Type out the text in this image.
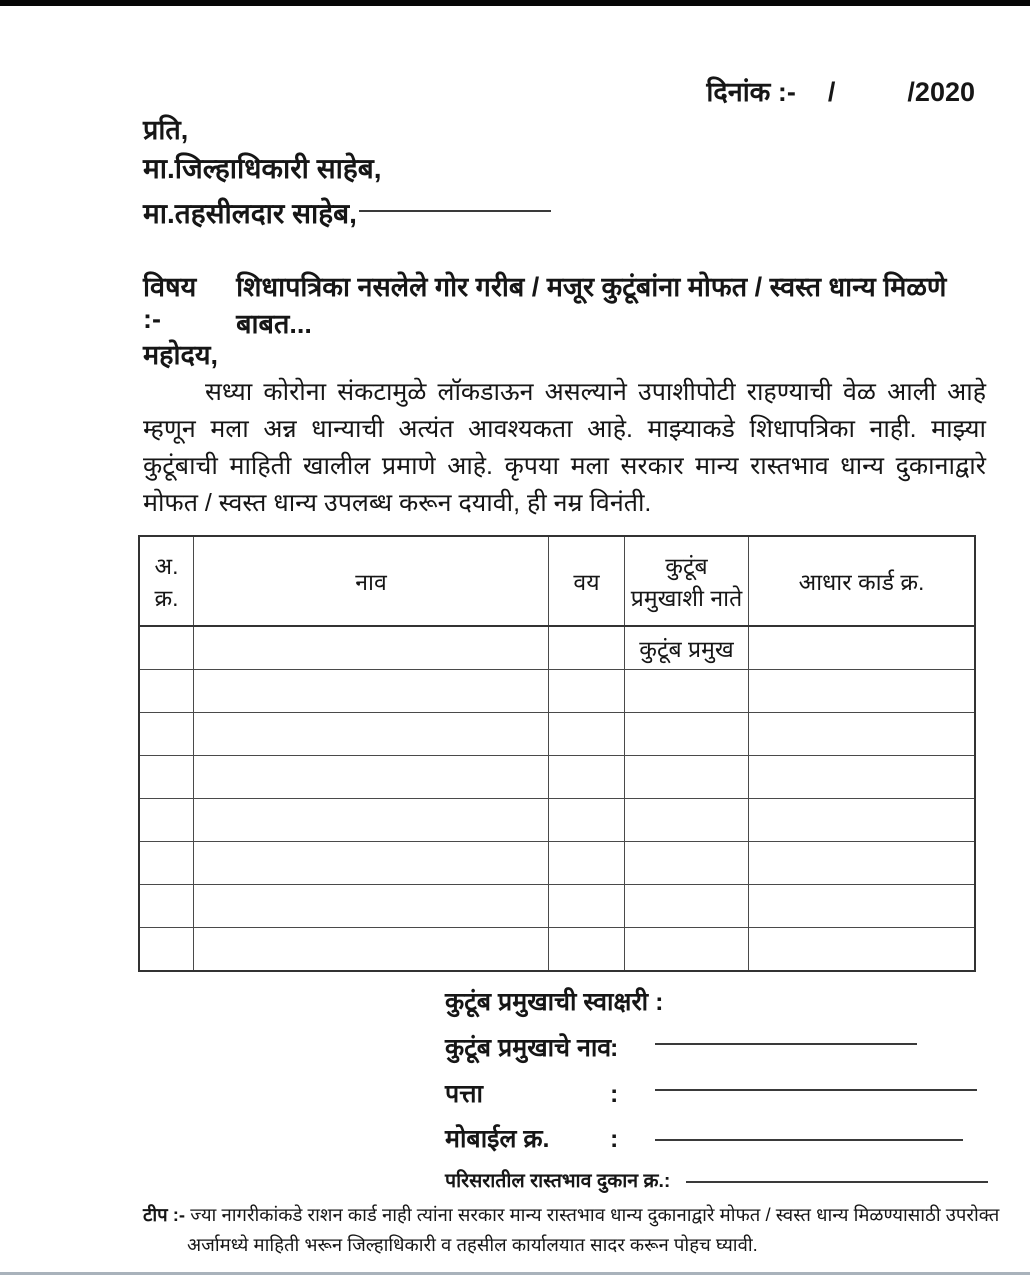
दिनांक :- /	/2020
प्रति,
मा.जिल्हाधिकारी साहेब,
मा.तहसीलदार साहेब,
विषय :-
शिधापत्रिका नसलेले गोर गरीब / मजूर कुटूंबांना मोफत / स्वस्त धान्य मिळणे बाबत...
महोदय,
सध्या कोरोना संकटामुळे लॉकडाऊन असल्याने उपाशीपोटी राहण्याची वेळ आली आहे म्हणून मला अन्न धान्याची अत्यंत आवश्यकता आहे. माझ्याकडे शिधापत्रिका नाही. माझ्या कुटूंबाची माहिती खालील प्रमाणे आहे. कृपया मला सरकार मान्य रास्तभाव धान्य दुकानाद्वारे मोफत / स्वस्त धान्य उपलब्ध करून दयावी, ही नम्र विनंती.
अ. क्र.	नाव	वय	कुटूंब प्रमुखाशी नाते	आधार कार्ड क्र.
			कुटूंब प्रमुख	

कुटूंब प्रमुखाची स्वाक्षरी :
कुटूंब प्रमुखाचे नाव :
पत्ता	:
मोबाईल क्र. :
परिसरातील रास्तभाव दुकान क्र.:
टीप :- ज्या नागरीकांकडे राशन कार्ड नाही त्यांना सरकार मान्य रास्तभाव धान्य दुकानाद्वारे मोफत / स्वस्त धान्य मिळण्यासाठी उपरोक्त अर्जामध्ये माहिती भरून जिल्हाधिकारी व तहसील कार्यालयात सादर करून पोहच घ्यावी.
